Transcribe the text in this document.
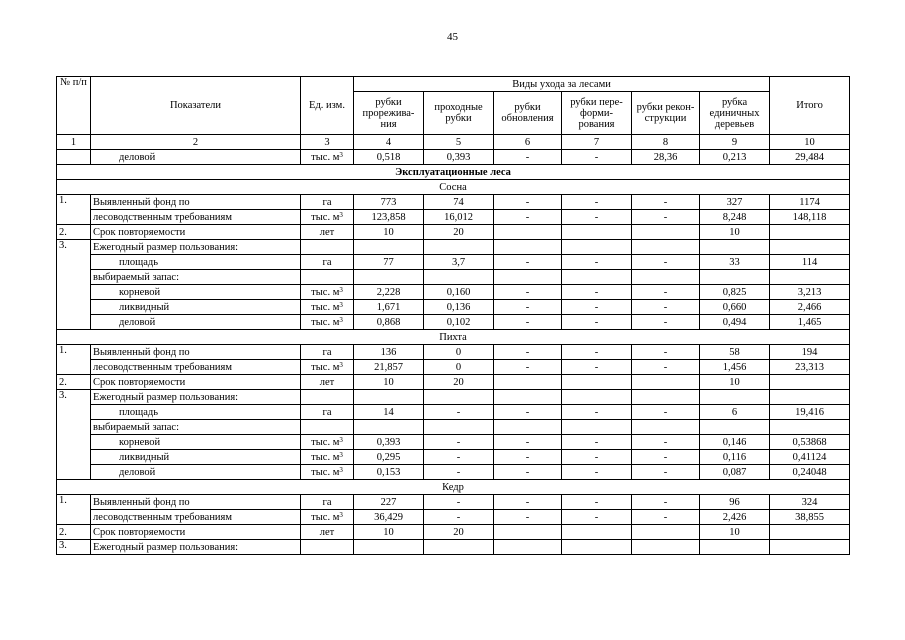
45
№ п/п	Показатели	Ед. изм.	Виды ухода за лесами						Итого
			рубки прорежива-ния	проходные рубки	рубки обновления	рубки пере-форми-рования	рубки рекон-струкции	рубка единичных деревьев	
1	2	3	4	5	6	7	8	9	10
	деловой	тыс. $м^3$	0,518	0,393	-	-	28,36	0,213	29,484
Эксплуатационные леса									
Сосна									
1.	Выявленный фонд по	га	773	74	-	-	-	327	1174
	лесоводственным требованиям	тыс. $м^3$	123,858	16,012	-	-	-	8,248	148,118
2.	Срок повторяемости	лет	10	20				10	
3.	Ежегодный размер пользования:								
	площадь	га	77	3,7	-	-	-	33	114
	выбираемый запас:								
	корневой	тыс. $м^3$	2,228	0,160	-	-	-	0,825	3,213
	ликвидный	тыс. $м^3$	1,671	0,136	-	-	-	0,660	2,466
	деловой	тыс. $м^3$	0,868	0,102	-	-	-	0,494	1,465
Пихта									
1.	Выявленный фонд по	га	136	0	-	-	-	58	194
	лесоводственным требованиям	тыс. $м^3$	21,857	0	-	-	-	1,456	23,313
2.	Срок повторяемости	лет	10	20				10	
3.	Ежегодный размер пользования:								
	площадь	га	14	-	-	-	-	6	19,416
	выбираемый запас:								
	корневой	тыс. $м^3$	0,393	-	-	-	-	0,146	0,53868
	ликвидный	тыс. $м^3$	0,295	-	-	-	-	0,116	0,41124
	деловой	тыс. $м^3$	0,153	-	-	-	-	0,087	0,24048
Кедр									
1.	Выявленный фонд по	га	227	-	-	-	-	96	324
	лесоводственным требованиям	тыс. $м^3$	36,429	-	-	-	-	2,426	38,855
2.	Срок повторяемости	лет	10	20				10	
3.	Ежегодный размер пользования:								
